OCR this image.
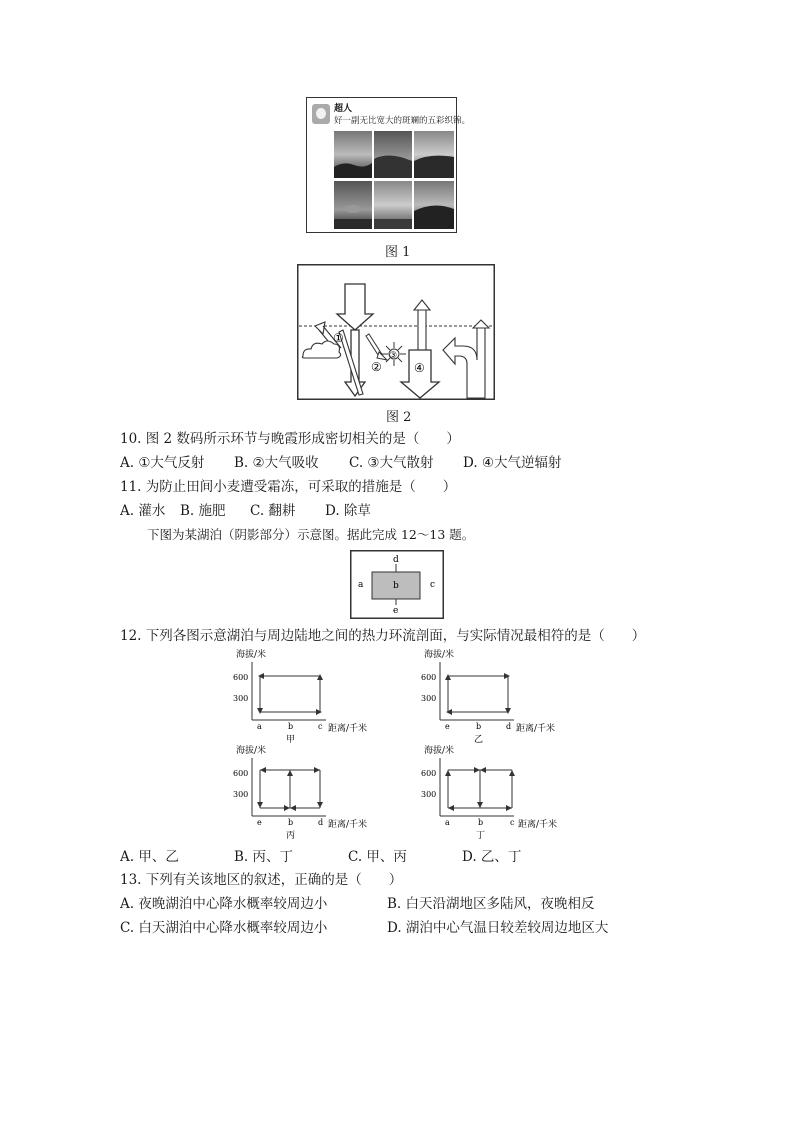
超人
好一副无比宽大的斑斓的五彩织锦。
图 1
①
②
③
④
图 2
10. 图 2 数码所示环节与晚霞形成密切相关的是（　　）
A. ①大气反射 B. ②大气吸收 C. ③大气散射 D. ④大气逆辐射
11. 为防止田间小麦遭受霜冻，可采取的措施是（　　）
A. 灌水 B. 施肥 C. 翻耕 D. 除草
下图为某湖泊（阴影部分）示意图。据此完成 12～13 题。
d
b
a	c
e
12. 下列各图示意湖泊与周边陆地之间的热力环流剖面，与实际情况最相符的是（　　）
海拔/米
600
300
a	b	c 距离/千米
甲
海拔/米
600
300
e	b	d 距离/千米
乙
海拔/米
600
300
e	b	d 距离/千米
丙
海拔/米
600
300
a	b	c 距离/千米
丁
A. 甲、乙	B. 丙、丁	C. 甲、丙	D. 乙、丁
13. 下列有关该地区的叙述，正确的是（　　）
A. 夜晚湖泊中心降水概率较周边小	B. 白天沿湖地区多陆风，夜晚相反
C. 白天湖泊中心降水概率较周边小	D. 湖泊中心气温日较差较周边地区大
